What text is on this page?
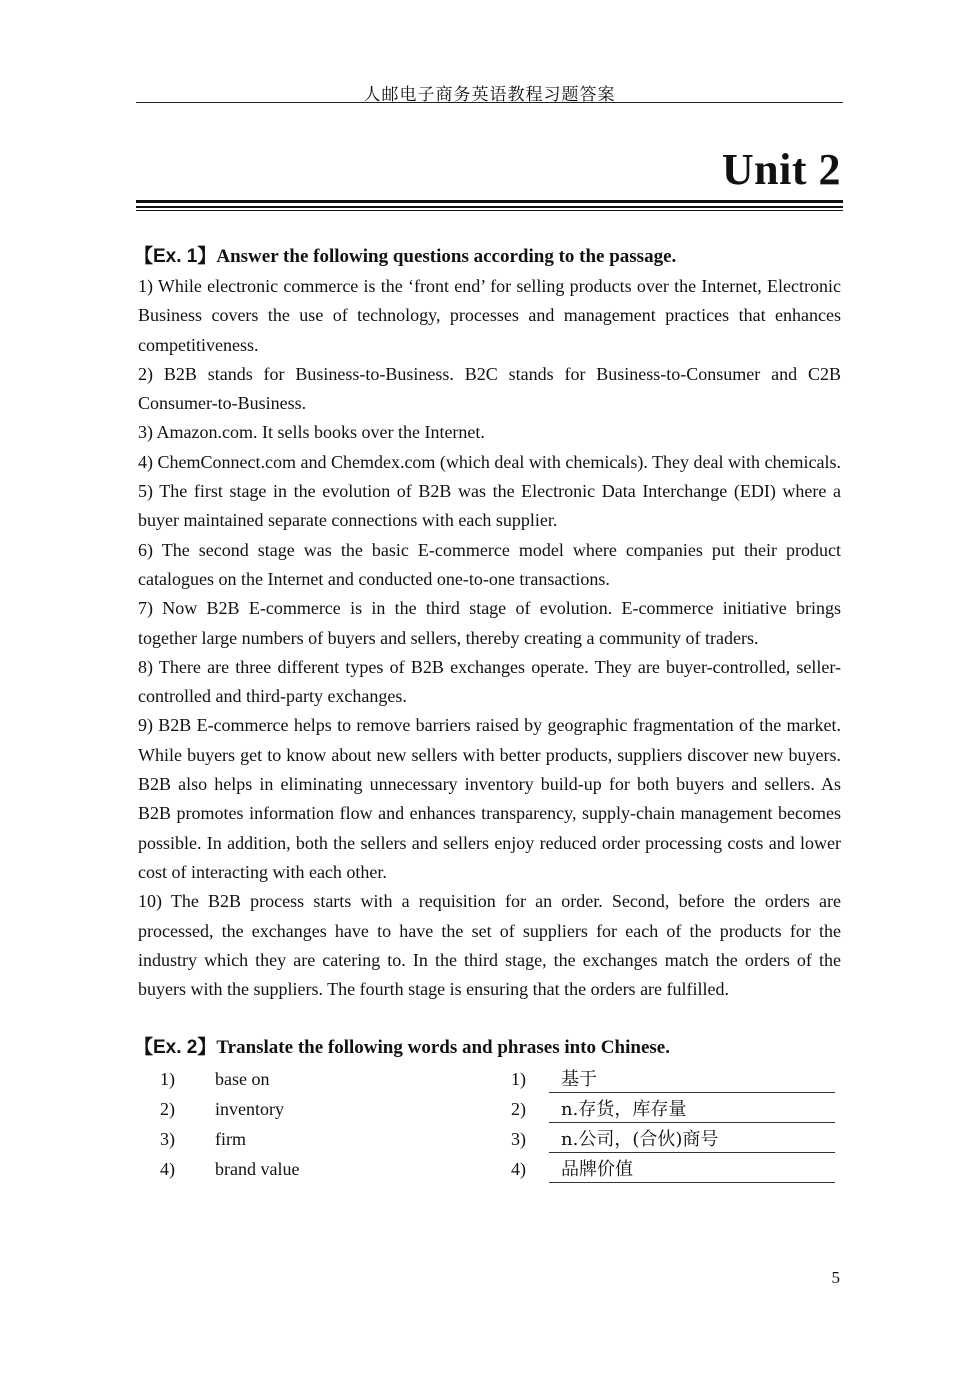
人邮电子商务英语教程习题答案
Unit 2
【Ex. 1】Answer the following questions according to the passage.

1) While electronic commerce is the ‘front end’ for selling products over the Internet, Electronic Business covers the use of technology, processes and management practices that enhances competitiveness.

2) B2B stands for Business-to-Business. B2C stands for Business-to-Consumer and C2B Consumer-to-Business.

3) Amazon.com. It sells books over the Internet.

4) ChemConnect.com and Chemdex.com (which deal with chemicals). They deal with chemicals.

5) The first stage in the evolution of B2B was the Electronic Data Interchange (EDI) where a buyer maintained separate connections with each supplier.

6) The second stage was the basic E-commerce model where companies put their product catalogues on the Internet and conducted one-to-one transactions.

7) Now B2B E-commerce is in the third stage of evolution. E-commerce initiative brings together large numbers of buyers and sellers, thereby creating a community of traders.

8) There are three different types of B2B exchanges operate. They are buyer-controlled, seller-controlled and third-party exchanges.

9) B2B E-commerce helps to remove barriers raised by geographic fragmentation of the market. While buyers get to know about new sellers with better products, suppliers discover new buyers. B2B also helps in eliminating unnecessary inventory build-up for both buyers and sellers. As B2B promotes information flow and enhances transparency, supply-chain management becomes possible. In addition, both the sellers and sellers enjoy reduced order processing costs and lower cost of interacting with each other.

10) The B2B process starts with a requisition for an order. Second, before the orders are processed, the exchanges have to have the set of suppliers for each of the products for the industry which they are catering to. In the third stage, the exchanges match the orders of the buyers with the suppliers. The fourth stage is ensuring that the orders are fulfilled.

【Ex. 2】Translate the following words and phrases into Chinese.
1) base on	1)	基于
2) inventory	2)	n.存货，库存量
3) firm	3)	n.公司，(合伙)商号
4) brand value	4)	品牌价值
5
